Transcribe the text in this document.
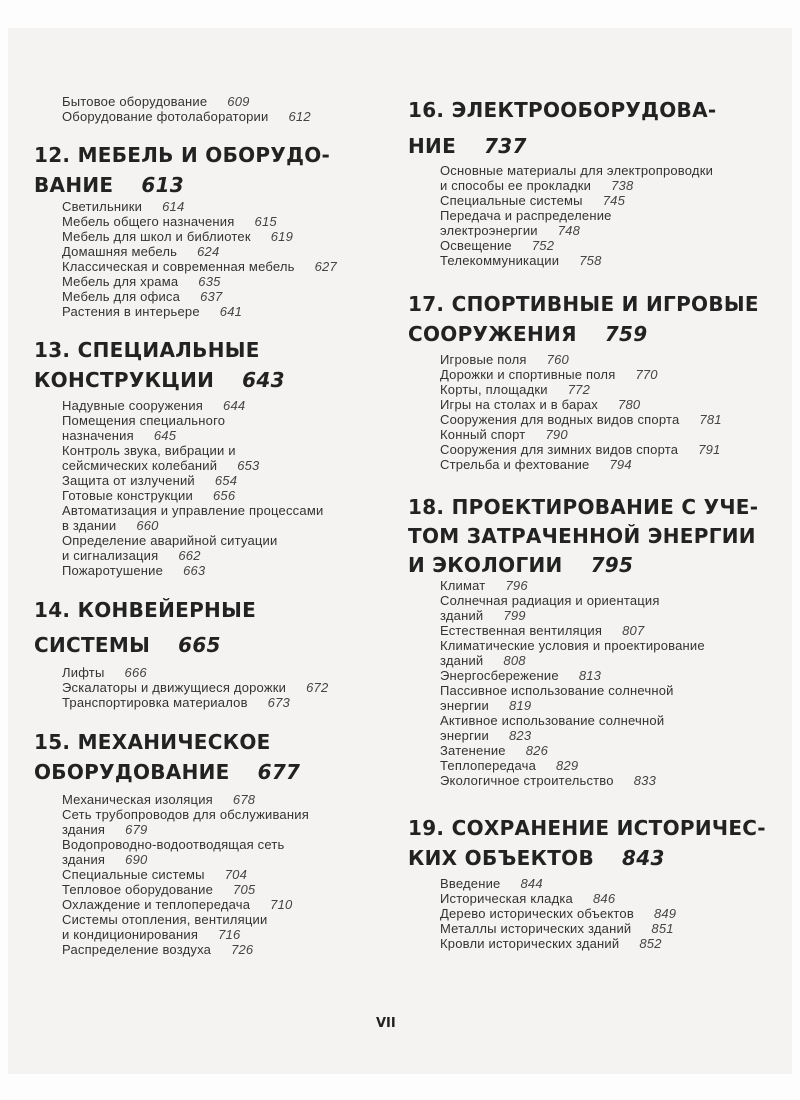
Бытовое оборудование 609
Оборудование фотолаборатории 612
12. МЕБЕЛЬ И ОБОРУДО-
ВАНИЕ 613
Светильники 614
Мебель общего назначения 615
Мебель для школ и библиотек 619
Домашняя мебель 624
Классическая и современная мебель 627
Мебель для храма 635
Мебель для офиса 637
Растения в интерьере 641
13. СПЕЦИАЛЬНЫЕ
КОНСТРУКЦИИ 643
Надувные сооружения 644
Помещения специального
назначения 645
Контроль звука, вибрации и
сейсмических колебаний 653
Защита от излучений 654
Готовые конструкции 656
Автоматизация и управление процессами
в здании 660
Определение аварийной ситуации
и сигнализация 662
Пожаротушение 663
14. КОНВЕЙЕРНЫЕ
СИСТЕМЫ 665
Лифты 666
Эскалаторы и движущиеся дорожки 672
Транспортировка материалов 673
15. МЕХАНИЧЕСКОЕ
ОБОРУДОВАНИЕ 677
Механическая изоляция 678
Сеть трубопроводов для обслуживания
здания 679
Водопроводно-водоотводящая сеть
здания 690
Специальные системы 704
Тепловое оборудование 705
Охлаждение и теплопередача 710
Системы отопления, вентиляции
и кондиционирования 716
Распределение воздуха 726
16. ЭЛЕКТРООБОРУДОВА-
НИЕ 737
Основные материалы для электропроводки
и способы ее прокладки 738
Специальные системы 745
Передача и распределение
электроэнергии 748
Освещение 752
Телекоммуникации 758
17. СПОРТИВНЫЕ И ИГРОВЫЕ
СООРУЖЕНИЯ 759
Игровые поля 760
Дорожки и спортивные поля 770
Корты, площадки 772
Игры на столах и в барах 780
Сооружения для водных видов спорта 781
Конный спорт 790
Сооружения для зимних видов спорта 791
Стрельба и фехтование 794
18. ПРОЕКТИРОВАНИЕ С УЧЕ-
ТОМ ЗАТРАЧЕННОЙ ЭНЕРГИИ
И ЭКОЛОГИИ 795
Климат 796
Солнечная радиация и ориентация
зданий 799
Естественная вентиляция 807
Климатические условия и проектирование
зданий 808
Энергосбережение 813
Пассивное использование солнечной
энергии 819
Активное использование солнечной
энергии 823
Затенение 826
Теплопередача 829
Экологичное строительство 833
19. СОХРАНЕНИЕ ИСТОРИЧЕС-
КИХ ОБЪЕКТОВ 843
Введение 844
Историческая кладка 846
Дерево исторических объектов 849
Металлы исторических зданий 851
Кровли исторических зданий 852
VII
